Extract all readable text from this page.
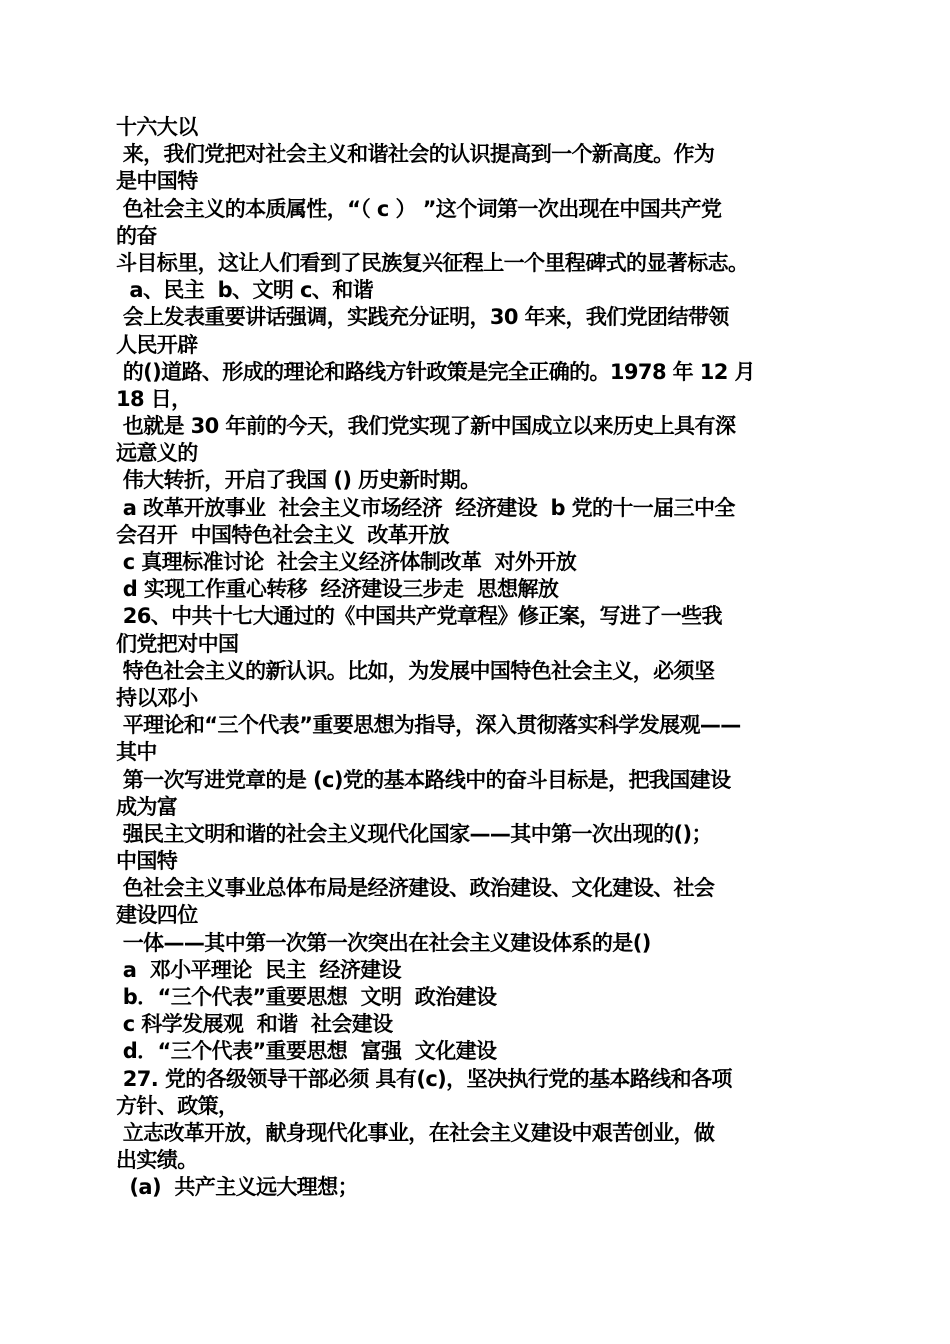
十六大以
来，我们党把对社会主义和谐社会的认识提高到一个新高度。作为
是中国特
色社会主义的本质属性，“（ c ） ”这个词第一次出现在中国共产党
的奋
斗目标里，这让人们看到了民族复兴征程上一个里程碑式的显著标志。
a、民主  b、文明 c、和谐
会上发表重要讲话强调，实践充分证明，30 年来，我们党团结带领
人民开辟
的()道路、形成的理论和路线方针政策是完全正确的。1978 年 12 月
18 日，
也就是 30 年前的今天，我们党实现了新中国成立以来历史上具有深
远意义的
伟大转折，开启了我国 () 历史新时期。
a 改革开放事业  社会主义市场经济  经济建设  b 党的十一届三中全
会召开  中国特色社会主义  改革开放
c 真理标准讨论  社会主义经济体制改革  对外开放
d 实现工作重心转移  经济建设三步走  思想解放
26、中共十七大通过的《中国共产党章程》修正案，写进了一些我
们党把对中国
特色社会主义的新认识。比如，为发展中国特色社会主义，必须坚
持以邓小
平理论和“三个代表”重要思想为指导，深入贯彻落实科学发展观——
其中
第一次写进党章的是 (c)党的基本路线中的奋斗目标是，把我国建设
成为富
强民主文明和谐的社会主义现代化国家——其中第一次出现的()；
中国特
色社会主义事业总体布局是经济建设、政治建设、文化建设、社会
建设四位
一体——其中第一次第一次突出在社会主义建设体系的是()
a  邓小平理论  民主  经济建设
b．“三个代表”重要思想  文明  政治建设
c 科学发展观  和谐  社会建设
d．“三个代表”重要思想  富强  文化建设
27. 党的各级领导干部必须 具有(c)，坚决执行党的基本路线和各项
方针、政策，
立志改革开放，献身现代化事业，在社会主义建设中艰苦创业，做
出实绩。
(a)  共产主义远大理想；
